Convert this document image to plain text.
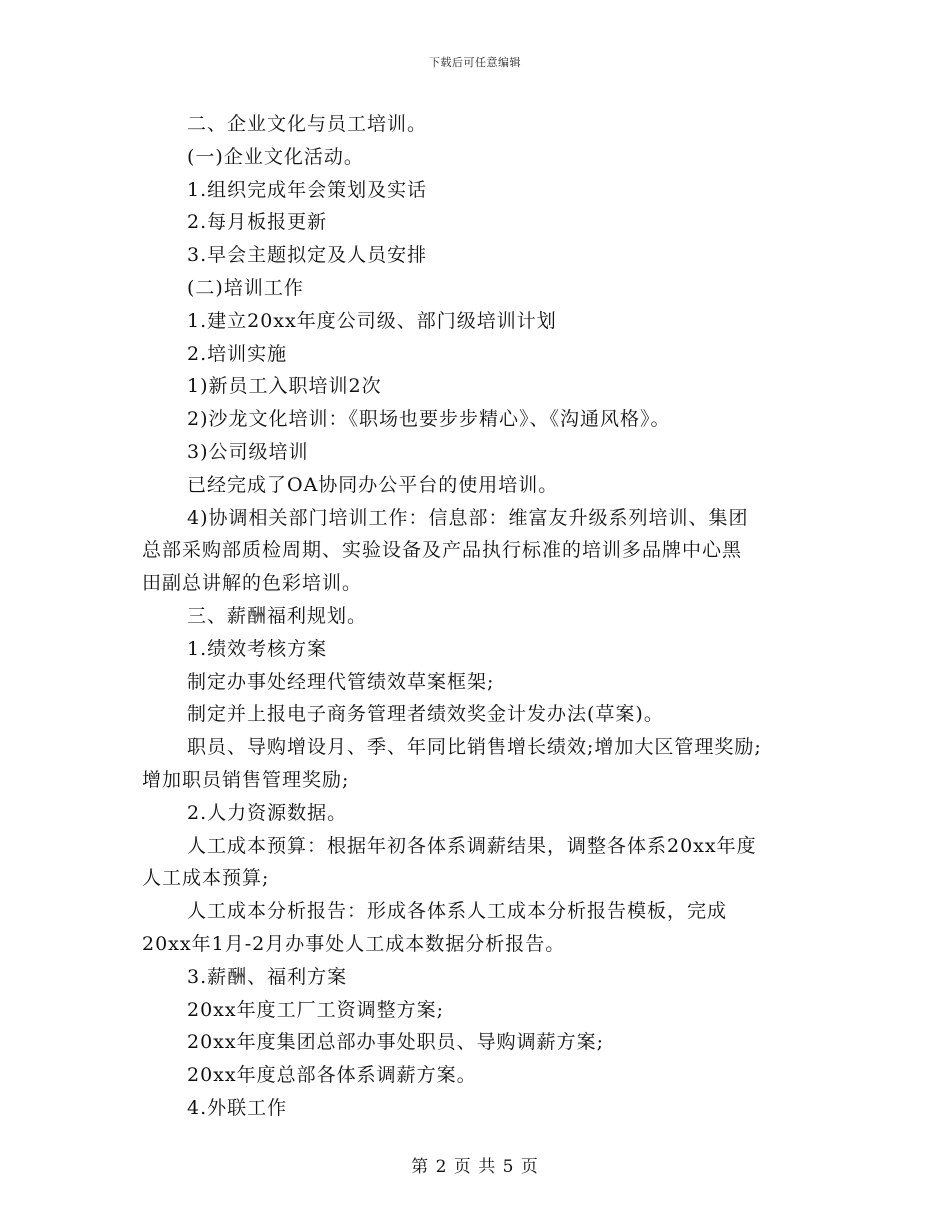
下载后可任意编辑
二、企业文化与员工培训。
(一)企业文化活动。
1.组织完成年会策划及实话
2.每月板报更新
3.早会主题拟定及人员安排
(二)培训工作
1.建立20xx年度公司级、部门级培训计划
2.培训实施
1)新员工入职培训2次
2)沙龙文化培训：《职场也要步步精心》、《沟通风格》。
3)公司级培训
已经完成了OA协同办公平台的使用培训。
4)协调相关部门培训工作：信息部：维富友升级系列培训、集团
总部采购部质检周期、实验设备及产品执行标准的培训多品牌中心黑
田副总讲解的色彩培训。
三、薪酬福利规划。
1.绩效考核方案
制定办事处经理代管绩效草案框架;
制定并上报电子商务管理者绩效奖金计发办法(草案)。
职员、导购增设月、季、年同比销售增长绩效;增加大区管理奖励;
增加职员销售管理奖励;
2.人力资源数据。
人工成本预算：根据年初各体系调薪结果，调整各体系20xx年度
人工成本预算;
人工成本分析报告：形成各体系人工成本分析报告模板，完成
20xx年1月-2月办事处人工成本数据分析报告。
3.薪酬、福利方案
20xx年度工厂工资调整方案;
20xx年度集团总部办事处职员、导购调薪方案;
20xx年度总部各体系调薪方案。
4.外联工作
第 2 页 共 5 页
